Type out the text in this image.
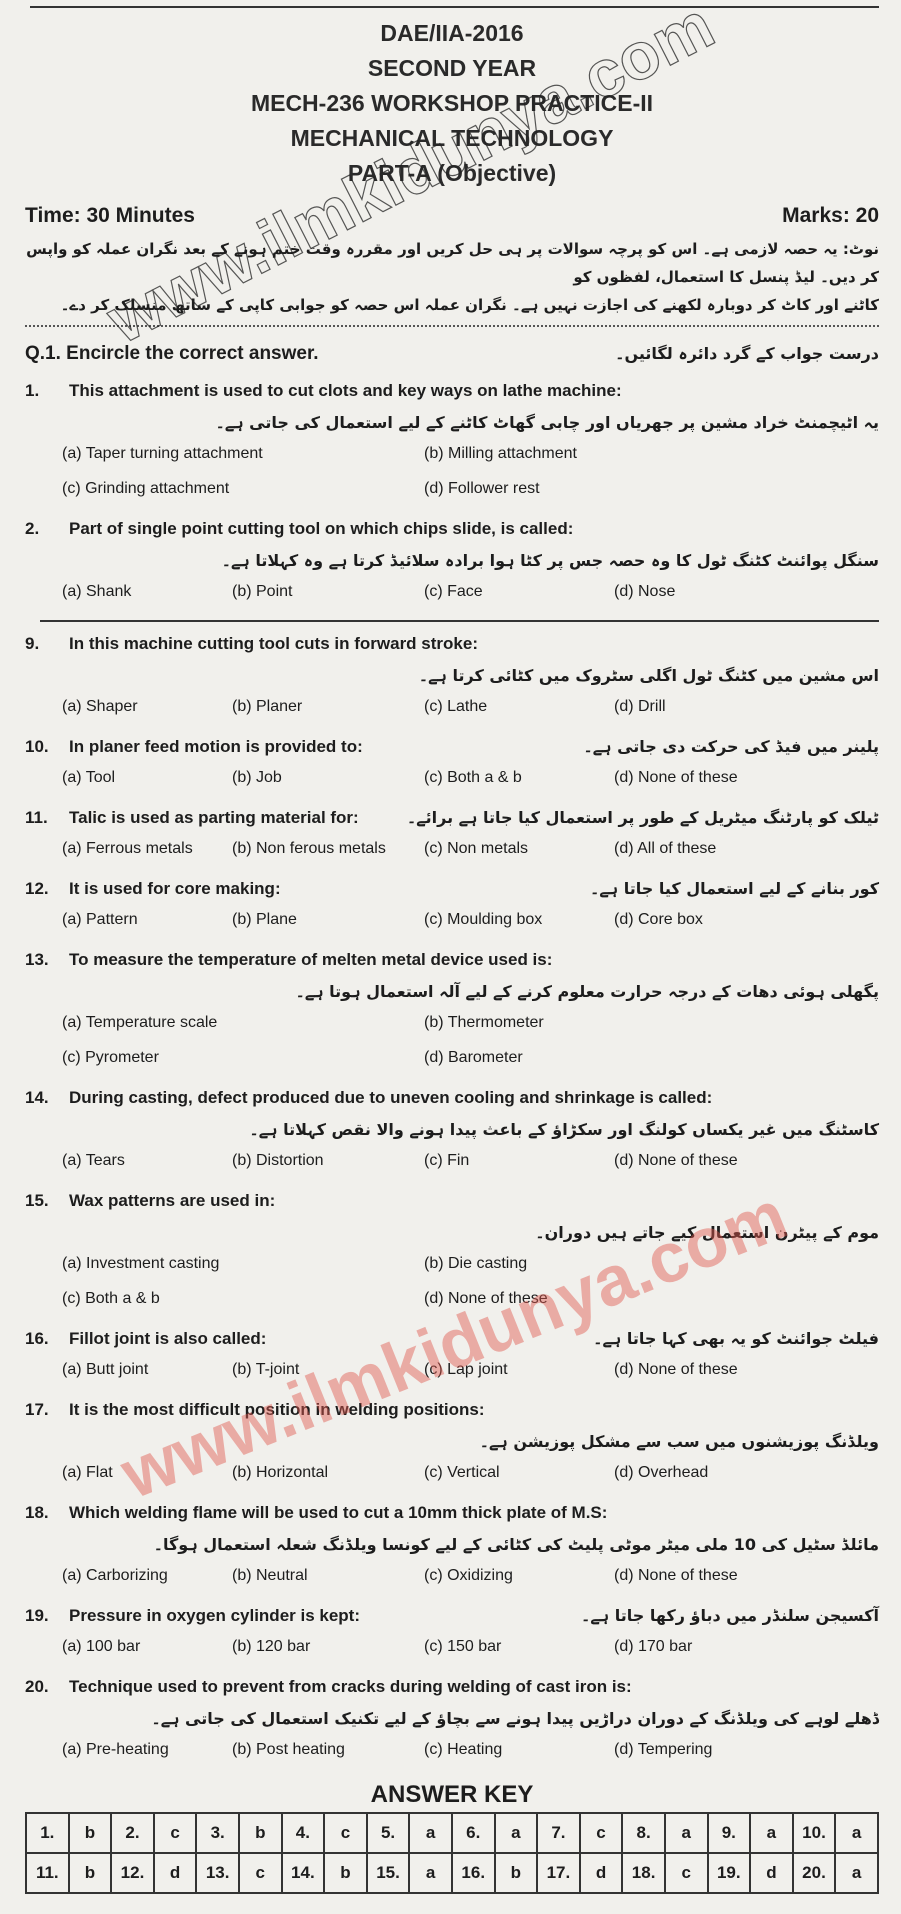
DAE/IIA-2016
SECOND YEAR
MECH-236 WORKSHOP PRACTICE-II
MECHANICAL TECHNOLOGY
PART-A (Objective)
Time: 30 Minutes	Marks: 20
نوٹ: یہ حصہ لازمی ہے۔ اس کو پرچہ سوالات پر ہی حل کریں اور مقررہ وقت ختم ہونے کے بعد نگران عملہ کو واپس کر دیں۔ لیڈ پنسل کا استعمال، لفظوں کو
کاٹنے اور کاٹ کر دوبارہ لکھنے کی اجازت نہیں ہے۔ نگران عملہ اس حصہ کو جوابی کاپی کے ساتھ منسلک کر دے۔
Q.1. Encircle the correct answer.	درست جواب کے گرد دائرہ لگائیں۔
1. This attachment is used to cut clots and key ways on lathe machine:
یہ اٹیچمنٹ خراد مشین پر جھریاں اور چابی گھاٹ کاٹنے کے لیے استعمال کی جاتی ہے۔
(a) Taper turning attachment	(b) Milling attachment
(c) Grinding attachment	(d) Follower rest
2. Part of single point cutting tool on which chips slide, is called:
سنگل پوائنٹ کٹنگ ٹول کا وہ حصہ جس پر کٹا ہوا برادہ سلائیڈ کرتا ہے وہ کہلاتا ہے۔
(a) Shank	(b) Point	(c) Face	(d) Nose
9. In this machine cutting tool cuts in forward stroke:
اس مشین میں کٹنگ ٹول اگلی سٹروک میں کٹائی کرتا ہے۔
(a) Shaper	(b) Planer	(c) Lathe	(d) Drill
10. In planer feed motion is provided to:	پلینر میں فیڈ کی حرکت دی جاتی ہے۔
(a) Tool	(b) Job	(c) Both a & b	(d) None of these
11. Talic is used as parting material for:	ٹیلک کو پارٹنگ میٹریل کے طور پر استعمال کیا جاتا ہے برائے۔
(a) Ferrous metals (b) Non ferous metals (c) Non metals	(d) All of these
12. It is used for core making:	کور بنانے کے لیے استعمال کیا جاتا ہے۔
(a) Pattern	(b) Plane	(c) Moulding box	(d) Core box
13. To measure the temperature of melten metal device used is:
پگھلی ہوئی دھات کے درجہ حرارت معلوم کرنے کے لیے آلہ استعمال ہوتا ہے۔
(a) Temperature scale	(b) Thermometer
(c) Pyrometer	(d) Barometer
14. During casting, defect produced due to uneven cooling and shrinkage is called:
کاسٹنگ میں غیر یکساں کولنگ اور سکڑاؤ کے باعث پیدا ہونے والا نقص کہلاتا ہے۔
(a) Tears	(b) Distortion	(c) Fin	(d) None of these
15. Wax patterns are used in:
موم کے پیٹرن استعمال کیے جاتے ہیں دوران۔
(a) Investment casting	(b) Die casting
(c) Both a & b	(d) None of these
16. Fillot joint is also called:	فیلٹ جوائنٹ کو یہ بھی کہا جاتا ہے۔
(a) Butt joint	(b) T-joint	(c) Lap joint	(d) None of these
17. It is the most difficult position in welding positions:
ویلڈنگ پوزیشنوں میں سب سے مشکل پوزیشن ہے۔
(a) Flat	(b) Horizontal	(c) Vertical	(d) Overhead
18. Which welding flame will be used to cut a 10mm thick plate of M.S:
مائلڈ سٹیل کی 10 ملی میٹر موٹی پلیٹ کی کٹائی کے لیے کونسا ویلڈنگ شعلہ استعمال ہوگا۔
(a) Carborizing	(b) Neutral	(c) Oxidizing	(d) None of these
19. Pressure in oxygen cylinder is kept:	آکسیجن سلنڈر میں دباؤ رکھا جاتا ہے۔
(a) 100 bar	(b) 120 bar	(c) 150 bar	(d) 170 bar
20. Technique used to prevent from cracks during welding of cast iron is:
ڈھلے لوہے کی ویلڈنگ کے دوران دراڑیں پیدا ہونے سے بچاؤ کے لیے تکنیک استعمال کی جاتی ہے۔
(a) Pre-heating	(b) Post heating	(c) Heating	(d) Tempering
ANSWER KEY
1.	b	2.	c	3.	b	4.	c	5.	a	6.	a	7.	c	8.	a	9.	a	10.	a
11.	b	12.	d	13.	c	14.	b	15.	a	16.	b	17.	d	18.	c	19.	d	20.	a
www.ilmkidunya.com
www.ilmkidunya.com
